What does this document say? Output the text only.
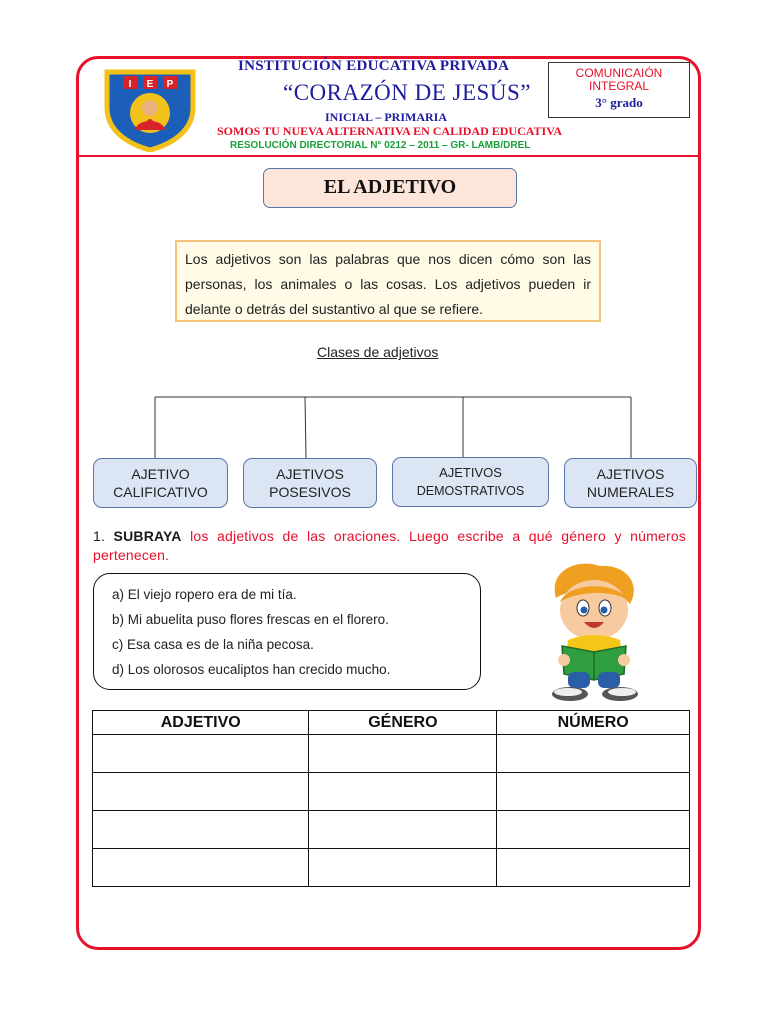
I E P
INSTITUCIÓN EDUCATIVA PRIVADA
“CORAZÓN DE JESÚS”
INICIAL – PRIMARIA
SOMOS TU NUEVA ALTERNATIVA EN CALIDAD EDUCATIVA
RESOLUCIÓN DIRECTORIAL N° 0212 – 2011 – GR- LAMB/DREL
COMUNICAIÓN
INTEGRAL
3° grado
EL ADJETIVO
Los adjetivos son las palabras que nos dicen cómo son las personas, los animales o las cosas. Los adjetivos pueden ir delante o detrás del sustantivo al que se refiere.
Clases de adjetivos
AJETIVO
CALIFICATIVO
AJETIVOS
POSESIVOS
AJETIVOS
DEMOSTRATIVOS
AJETIVOS
NUMERALES
1. SUBRAYA los adjetivos de las oraciones. Luego escribe a qué género y números pertenecen.
a) El viejo ropero era de mi tía.
b) Mi abuelita puso flores frescas en el florero.
c) Esa casa es de la niña pecosa.
d) Los olorosos eucaliptos han crecido mucho.
ADJETIVO	GÉNERO	NÚMERO
